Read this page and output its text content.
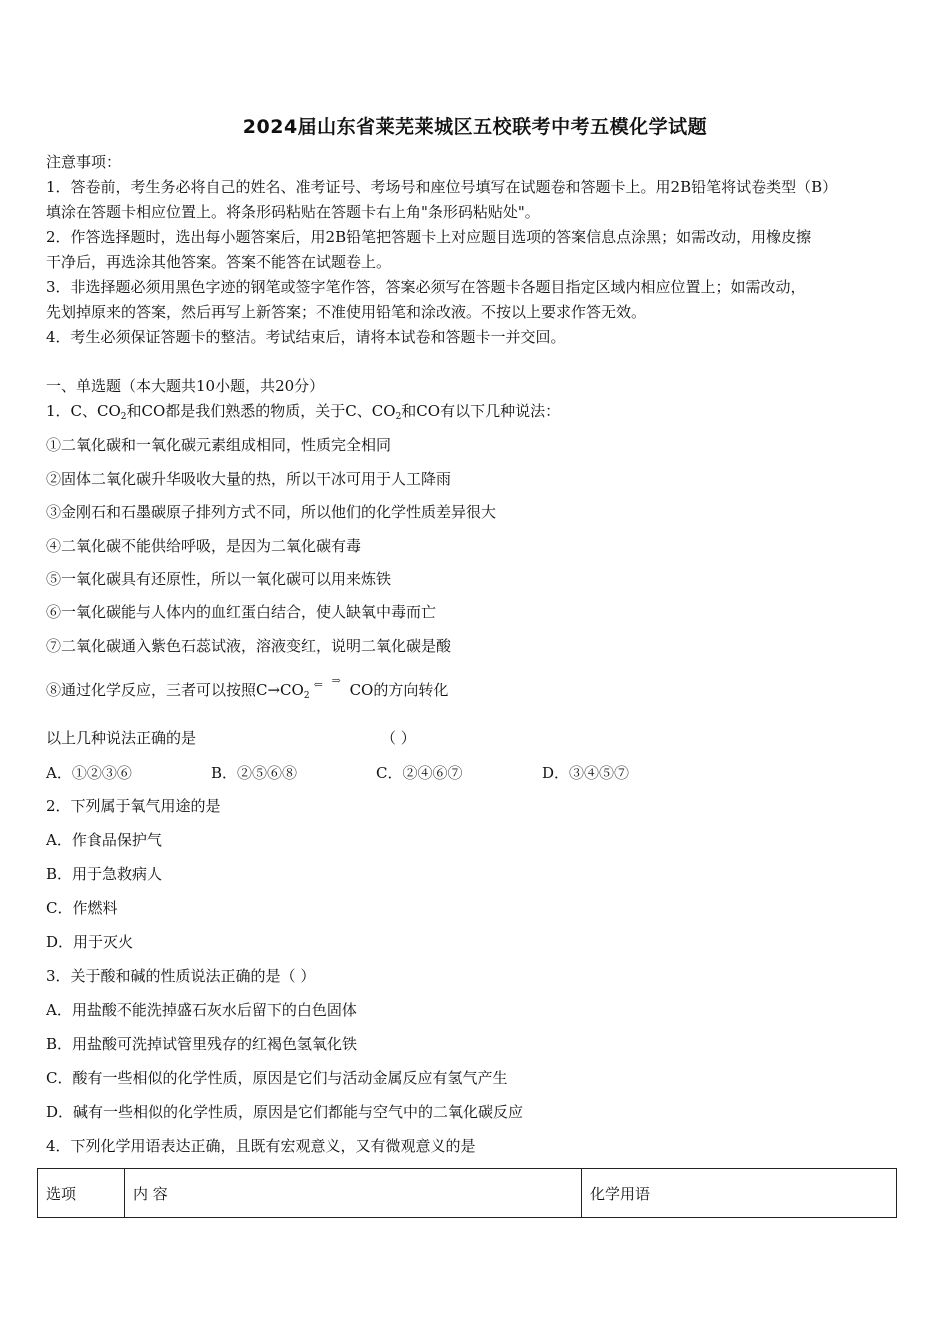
2024届山东省莱芜莱城区五校联考中考五模化学试题
注意事项：
1．答卷前，考生务必将自己的姓名、准考证号、考场号和座位号填写在试题卷和答题卡上。用2B铅笔将试卷类型（B）
填涂在答题卡相应位置上。将条形码粘贴在答题卡右上角"条形码粘贴处"。
2．作答选择题时，选出每小题答案后，用2B铅笔把答题卡上对应题目选项的答案信息点涂黑；如需改动，用橡皮擦
干净后，再选涂其他答案。答案不能答在试题卷上。
3．非选择题必须用黑色字迹的钢笔或签字笔作答，答案必须写在答题卡各题目指定区域内相应位置上；如需改动，
先划掉原来的答案，然后再写上新答案；不准使用铅笔和涂改液。不按以上要求作答无效。
4．考生必须保证答题卡的整洁。考试结束后，请将本试卷和答题卡一并交回。
一、单选题（本大题共10小题，共20分）
1．C、$CO_2$和CO都是我们熟悉的物质，关于C、$CO_2$和CO有以下几种说法：
①二氧化碳和一氧化碳元素组成相同，性质完全相同
②固体二氧化碳升华吸收大量的热，所以干冰可用于人工降雨
③金刚石和石墨碳原子排列方式不同，所以他们的化学性质差异很大
④二氧化碳不能供给呼吸，是因为二氧化碳有毒
⑤一氧化碳具有还原性，所以一氧化碳可以用来炼铁
⑥一氧化碳能与人体内的血红蛋白结合，使人缺氧中毒而亡
⑦二氧化碳通入紫色石蕊试液，溶液变红，说明二氧化碳是酸
⑧通过化学反应，三者可以按照$C\to CO_2$
⇐ ⇒
CO的方向转化
以上几种说法正确的是	（ ）
A．①②③⑥	B．②⑤⑥⑧	C．②④⑥⑦	D．③④⑤⑦
2．下列属于氧气用途的是
A．作食品保护气
B．用于急救病人
C．作燃料
D．用于灭火
3．关于酸和碱的性质说法正确的是（ ）
A．用盐酸不能洗掉盛石灰水后留下的白色固体
B．用盐酸可洗掉试管里残存的红褐色氢氧化铁
C．酸有一些相似的化学性质，原因是它们与活动金属反应有氢气产生
D．碱有一些相似的化学性质，原因是它们都能与空气中的二氧化碳反应
4．下列化学用语表达正确，且既有宏观意义，又有微观意义的是
选项	内 容	化学用语
